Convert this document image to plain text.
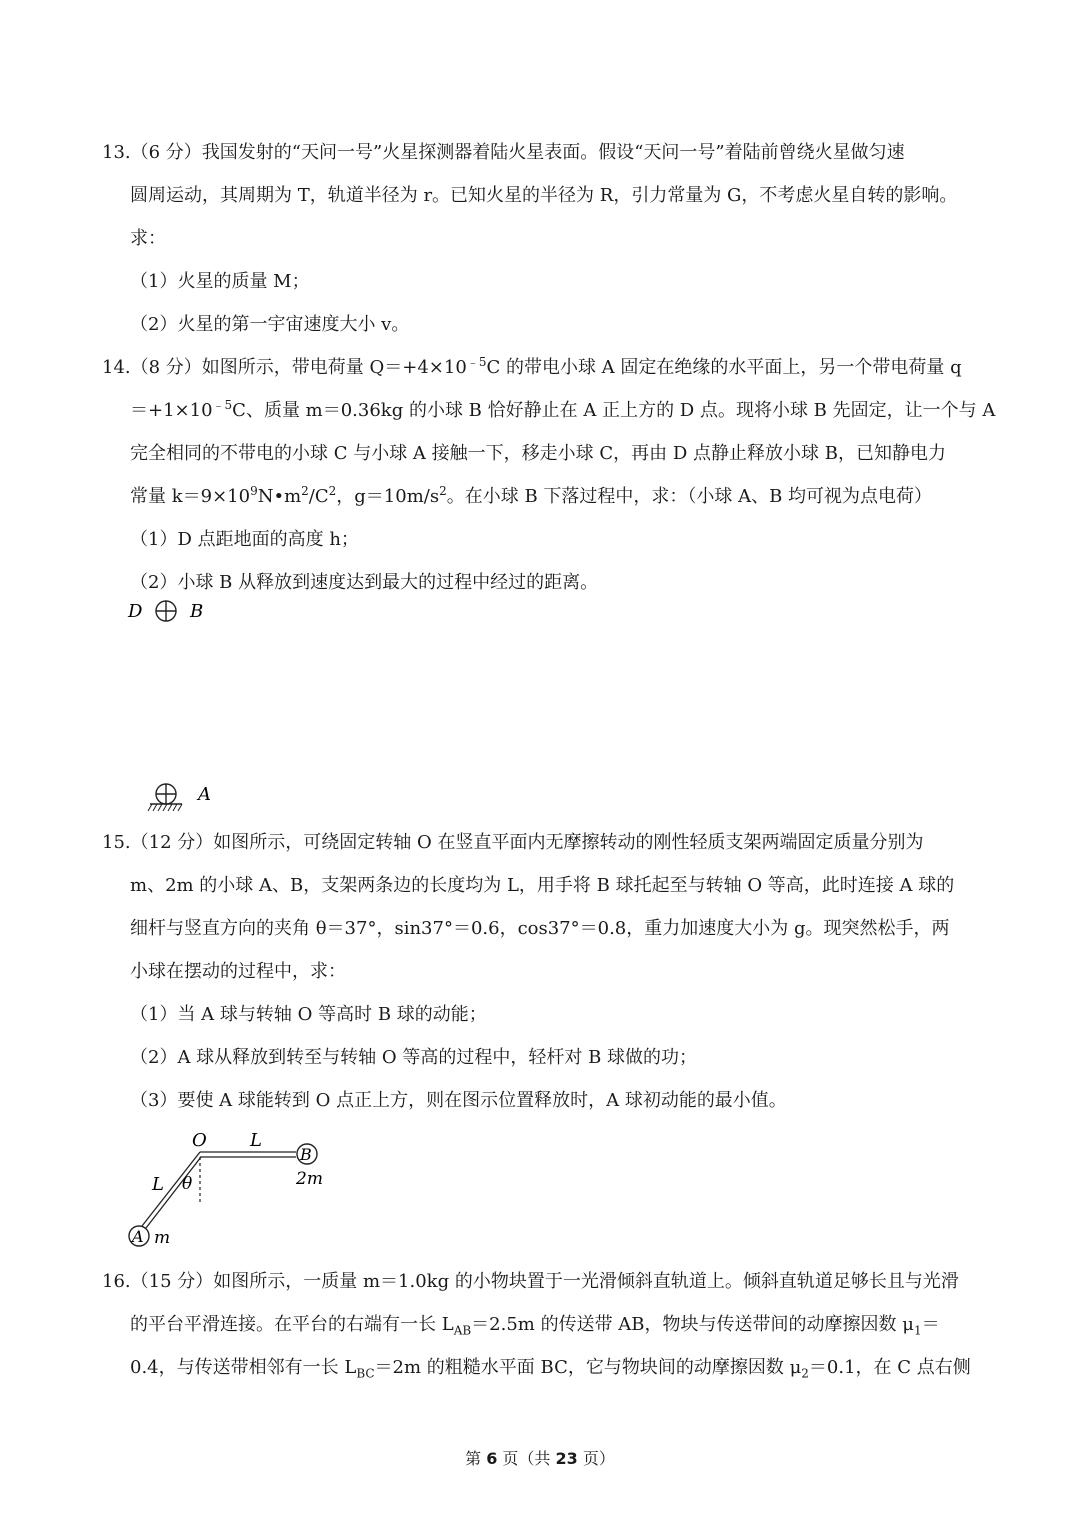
13.（6 分）我国发射的“天问一号”火星探测器着陆火星表面。假设“天问一号”着陆前曾绕火星做匀速
圆周运动，其周期为 T，轨道半径为 r。已知火星的半径为 R，引力常量为 G，不考虑火星自转的影响。
求：
（1）火星的质量 M；
（2）火星的第一宇宙速度大小 v。
14.（8 分）如图所示，带电荷量 $Q=+4\times 10^{﹣5}C$ 的带电小球 A 固定在绝缘的水平面上，另一个带电荷量 q
$=+1\times 10^{﹣5}C$、质量 m＝0.36kg 的小球 B 恰好静止在 A 正上方的 D 点。现将小球 B 先固定，让一个与 A
完全相同的不带电的小球 C 与小球 A 接触一下，移走小球 C，再由 D 点静止释放小球 B，已知静电力
常量 $k=9\times 10^9N•m^2/C^2$，$g=10m/s^2$。在小球 B 下落过程中，求：（小球 A、B 均可视为点电荷）
（1）D 点距地面的高度 h；
（2）小球 B 从释放到速度达到最大的过程中经过的距离。
D	B
A
15.（12 分）如图所示，可绕固定转轴 O 在竖直平面内无摩擦转动的刚性轻质支架两端固定质量分别为
m、2m 的小球 A、B，支架两条边的长度均为 L，用手将 B 球托起至与转轴 O 等高，此时连接 A 球的
细杆与竖直方向的夹角 θ＝37°，sin37°＝0.6，cos37°＝0.8，重力加速度大小为 g。现突然松手，两
小球在摆动的过程中，求：
（1）当 A 球与转轴 O 等高时 B 球的动能；
（2）A 球从释放到转至与转轴 O 等高的过程中，轻杆对 B 球做的功；
（3）要使 A 球能转到 O 点正上方，则在图示位置释放时，A 球初动能的最小值。
O L
B
2m
L θ
A m
16.（15 分）如图所示，一质量 m＝1.0kg 的小物块置于一光滑倾斜直轨道上。倾斜直轨道足够长且与光滑
的平台平滑连接。在平台的右端有一长 $L_{AB}=2.5m$ 的传送带 AB，物块与传送带间的动摩擦因数 $\mu_1=$
0.4，与传送带相邻有一长 $L_{BC}=2m$ 的粗糙水平面 BC，它与物块间的动摩擦因数 $\mu_2=0.1$，在 C 点右侧
第 6 页（共 23 页）
